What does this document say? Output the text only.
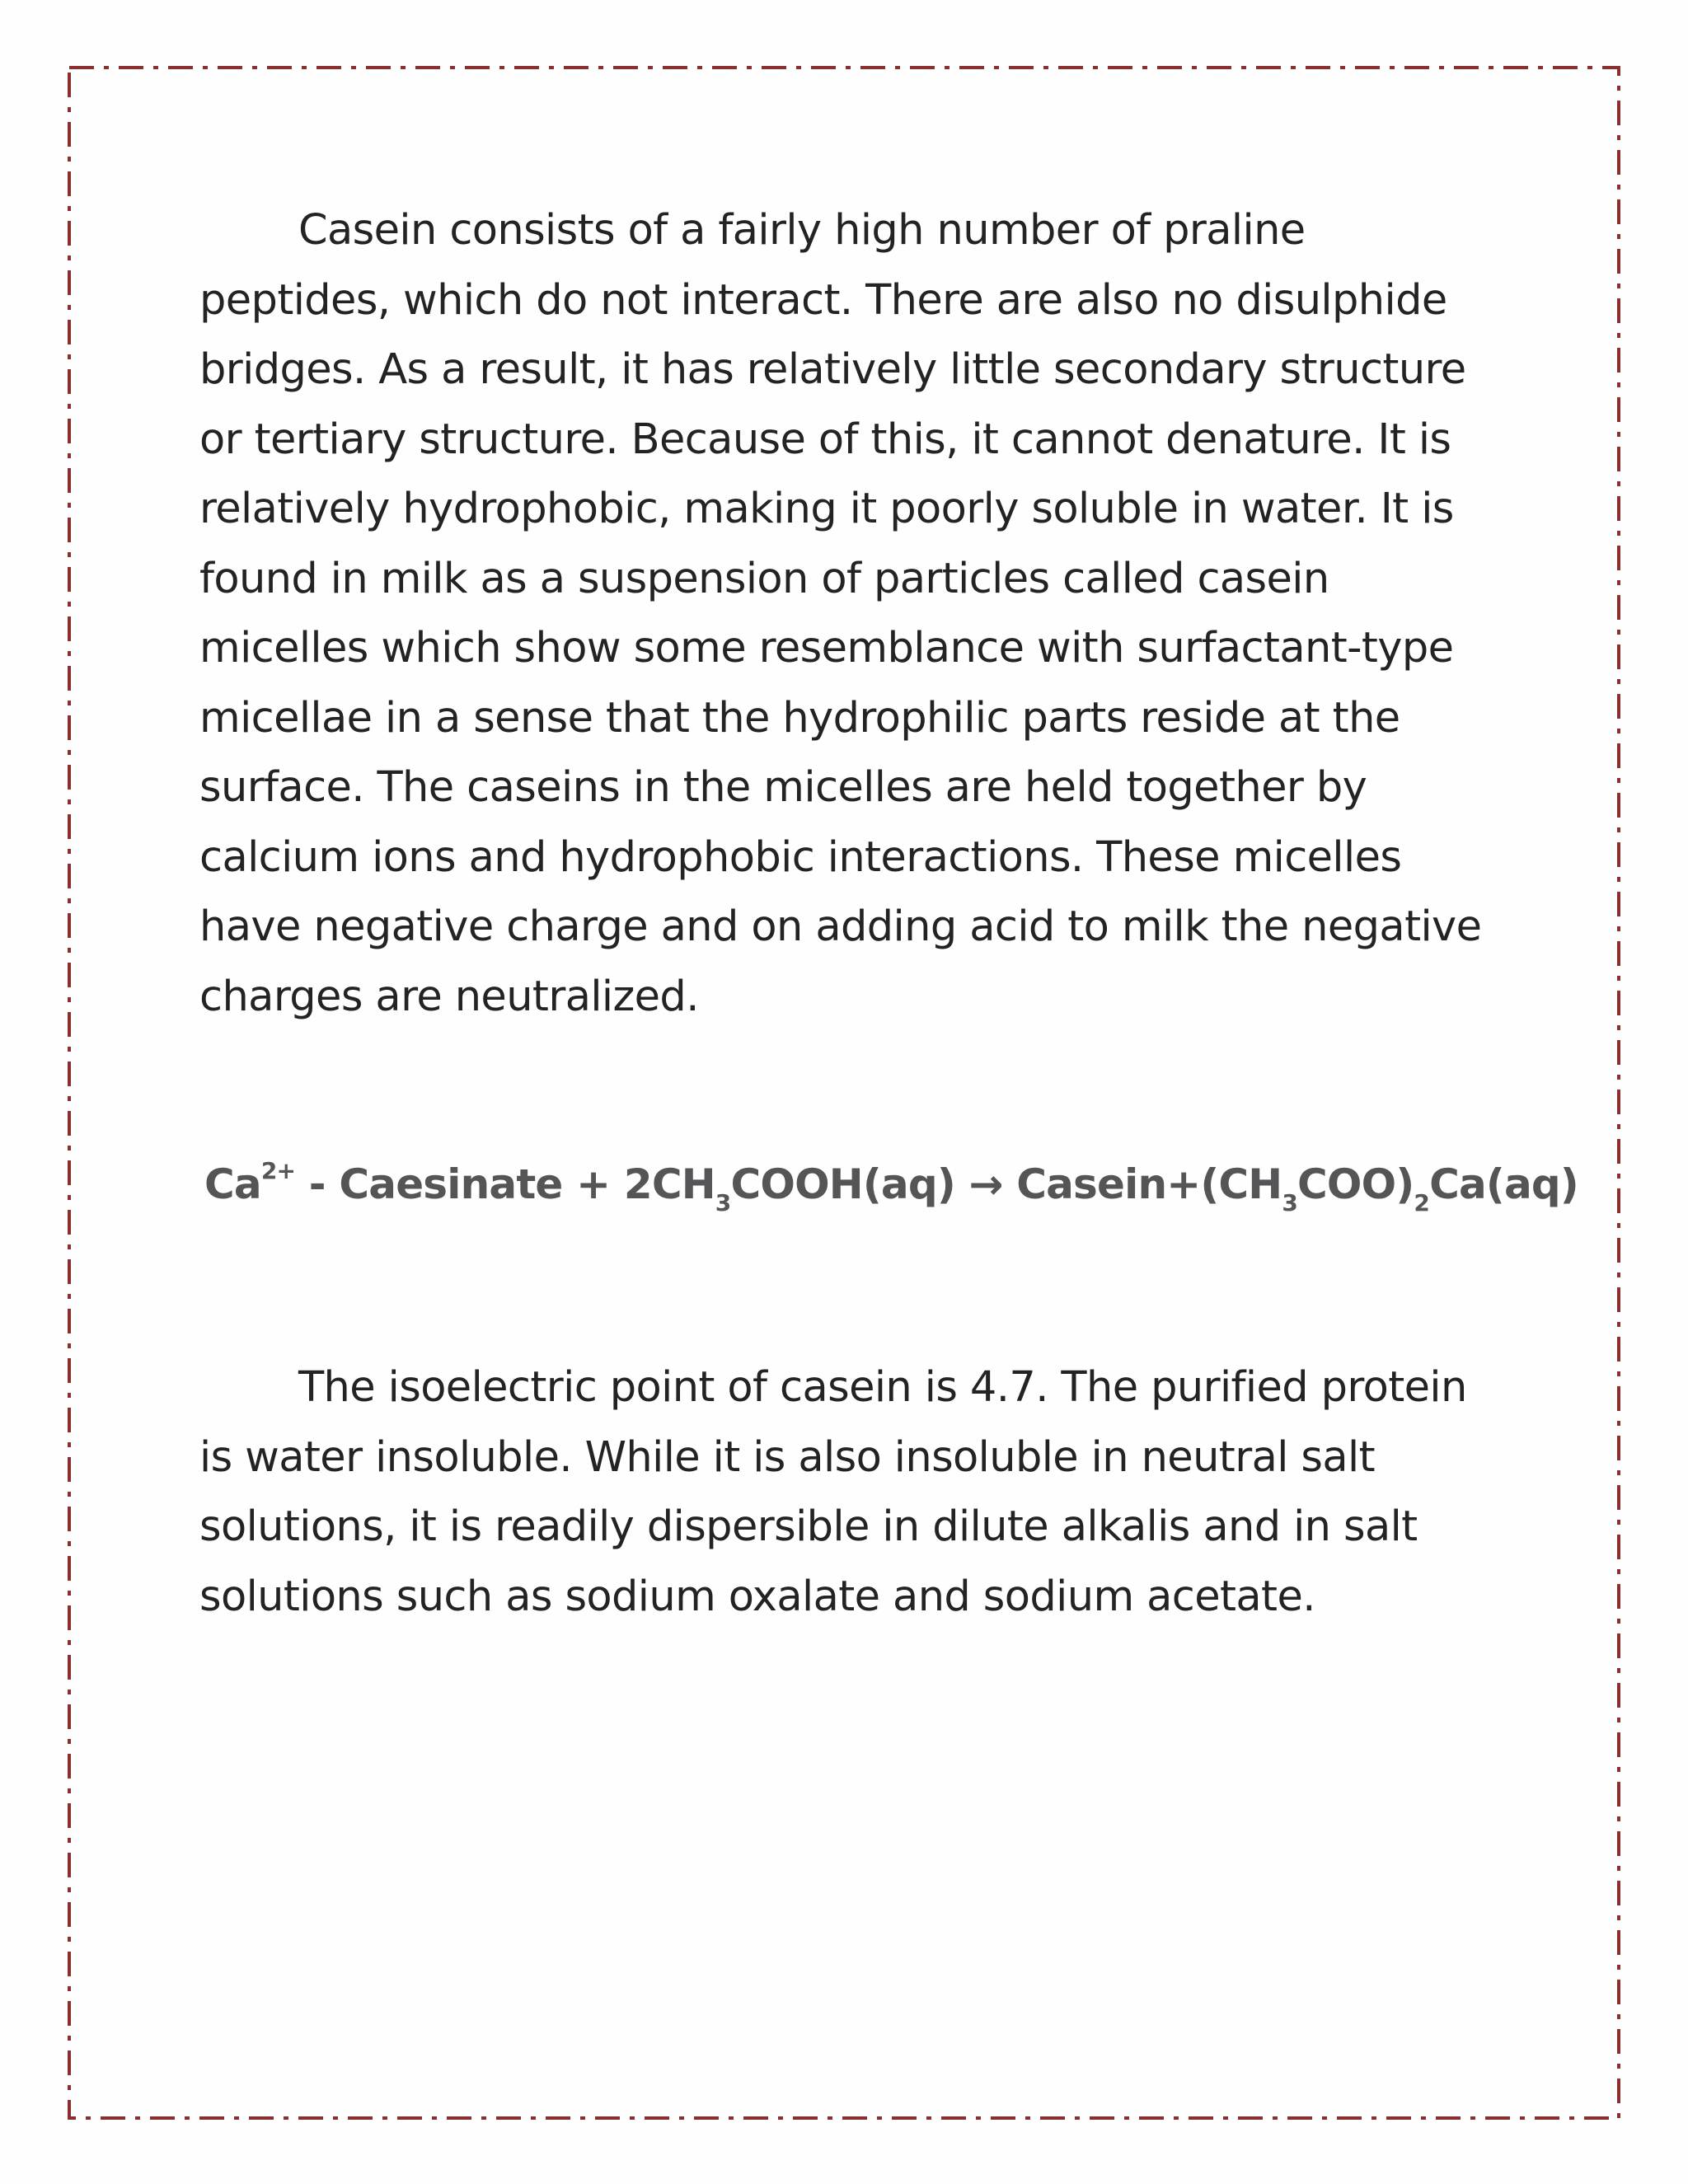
Casein consists of a fairly high number of praline
peptides, which do not interact. There are also no disulphide
bridges. As a result, it has relatively little secondary structure
or tertiary structure. Because of this, it cannot denature. It is
relatively hydrophobic, making it poorly soluble in water. It is
found in milk as a suspension of particles called casein
micelles which show some resemblance with surfactant-type
micellae in a sense that the hydrophilic parts reside at the
surface. The caseins in the micelles are held together by
calcium ions and hydrophobic interactions. These micelles
have negative charge and on adding acid to milk the negative
charges are neutralized.

$Ca^{2+}$ - Caesinate + $2CH_3COOH(aq)$ → $Casein+(CH_3COO)_2Ca(aq)$

The isoelectric point of casein is 4.7. The purified protein
is water insoluble. While it is also insoluble in neutral salt
solutions, it is readily dispersible in dilute alkalis and in salt
solutions such as sodium oxalate and sodium acetate.
